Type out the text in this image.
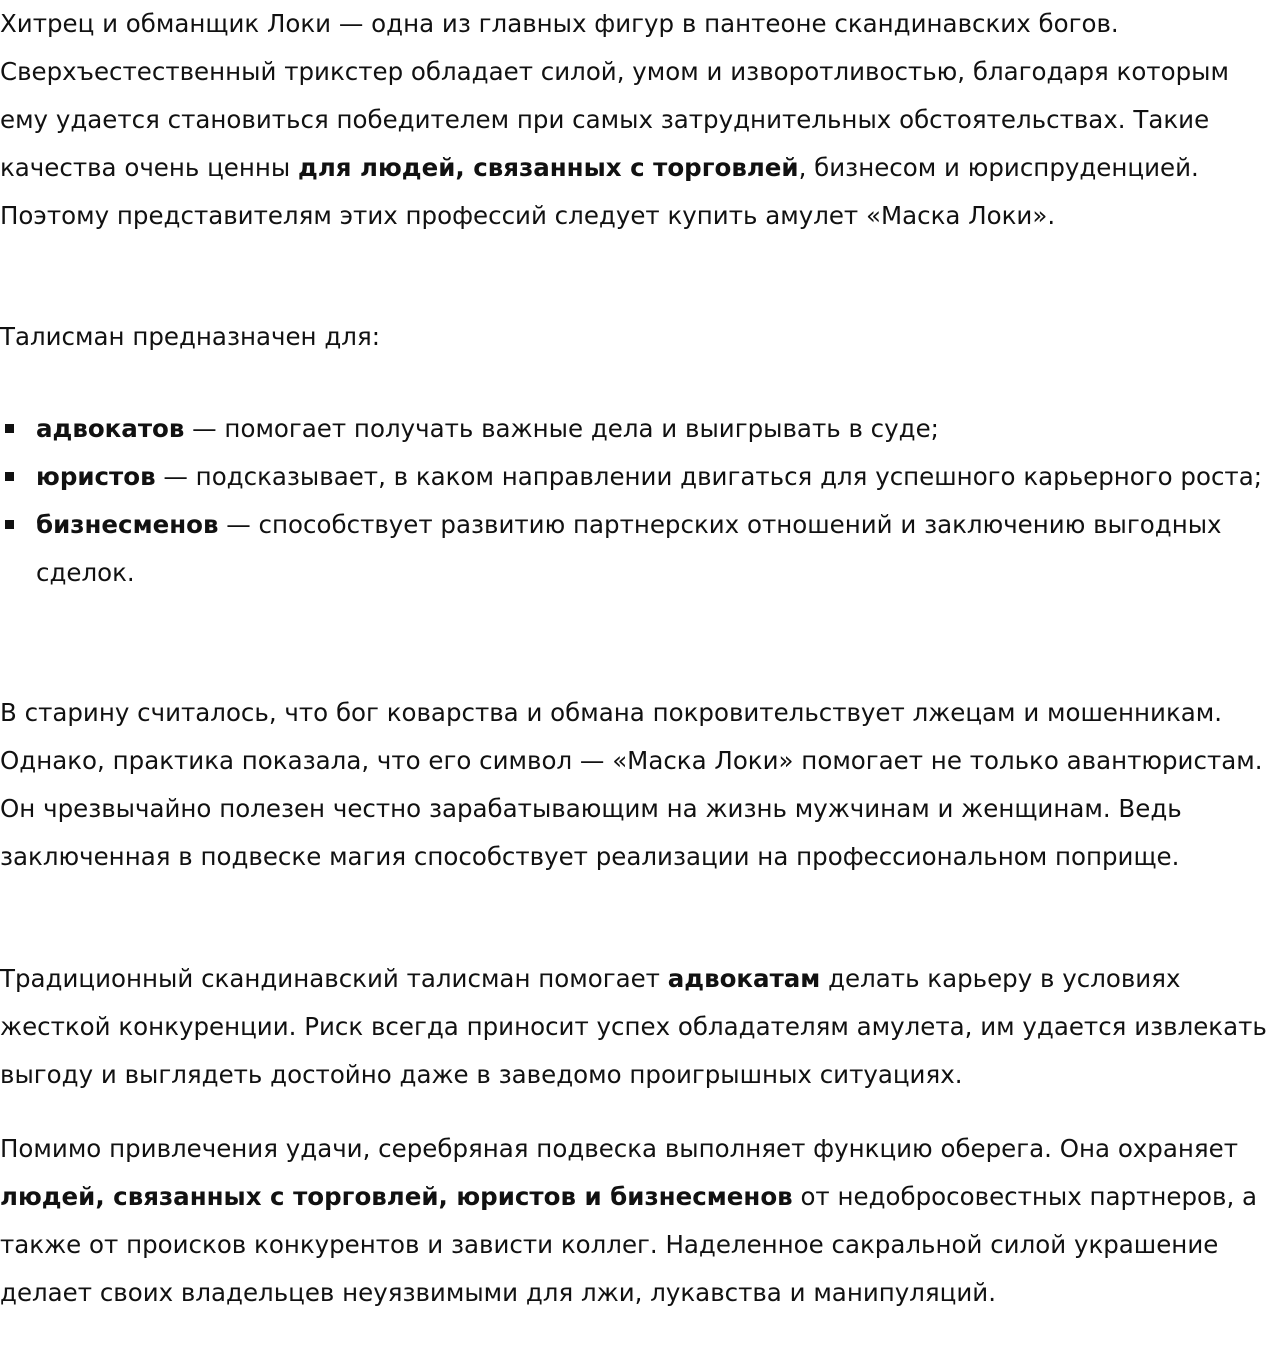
Хитрец и обманщик Локи — одна из главных фигур в пантеоне скандинавских богов. Сверхъестественный трикстер обладает силой, умом и изворотливостью, благодаря которым ему удается становиться победителем при самых затруднительных обстоятельствах. Такие качества очень ценны для людей, связанных с торговлей, бизнесом и юриспруденцией. Поэтому представителям этих профессий следует купить амулет «Маска Локи».

Талисман предназначен для:

адвокатов — помогает получать важные дела и выигрывать в суде;
юристов — подсказывает, в каком направлении двигаться для успешного карьерного роста;
бизнесменов — способствует развитию партнерских отношений и заключению выгодных сделок.

В старину считалось, что бог коварства и обмана покровительствует лжецам и мошенникам. Однако, практика показала, что его символ — «Маска Локи» помогает не только авантюристам. Он чрезвычайно полезен честно зарабатывающим на жизнь мужчинам и женщинам. Ведь заключенная в подвеске магия способствует реализации на профессиональном поприще.

Традиционный скандинавский талисман помогает адвокатам делать карьеру в условиях жесткой конкуренции. Риск всегда приносит успех обладателям амулета, им удается извлекать выгоду и выглядеть достойно даже в заведомо проигрышных ситуациях.

Помимо привлечения удачи, серебряная подвеска выполняет функцию оберега. Она охраняет людей, связанных с торговлей, юристов и бизнесменов от недобросовестных партнеров, а также от происков конкурентов и зависти коллег. Наделенное сакральной силой украшение делает своих владельцев неуязвимыми для лжи, лукавства и манипуляций.
